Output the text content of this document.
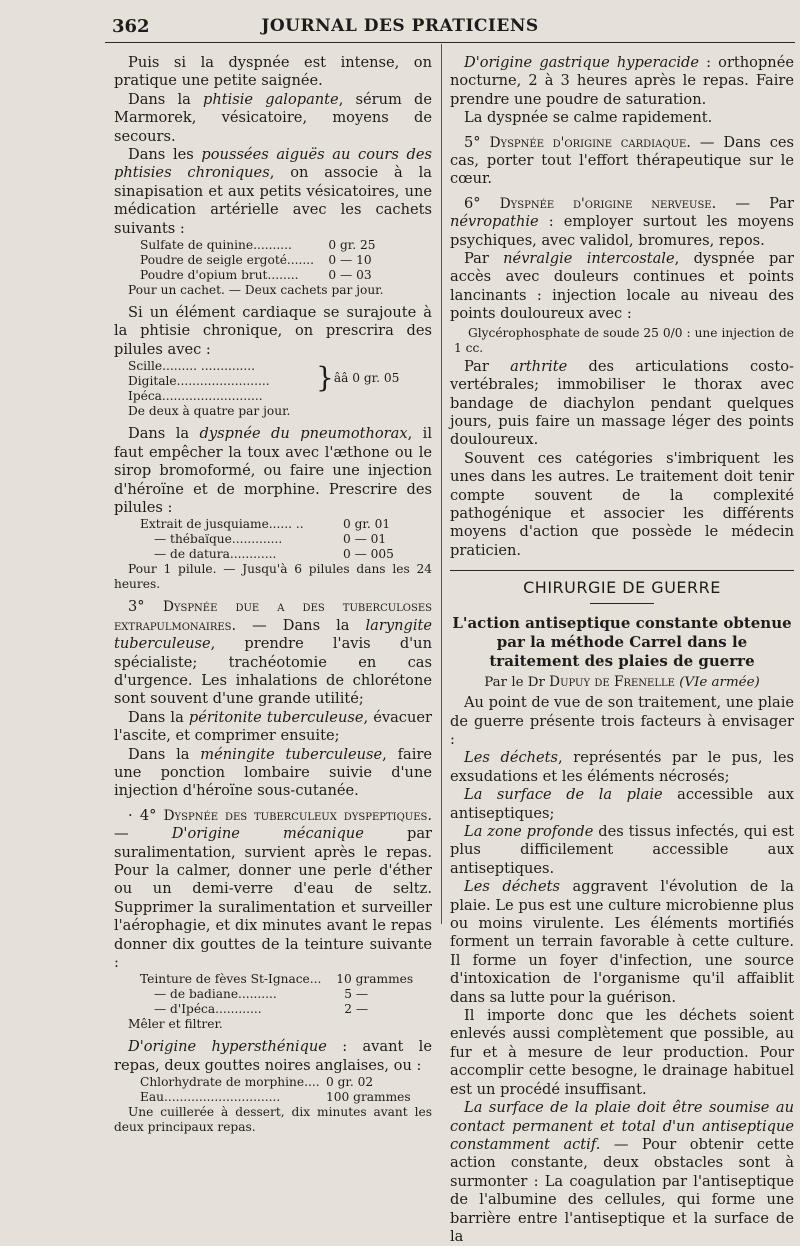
362	JOURNAL DES PRATICIENS

Puis si la dyspnée est intense, on pratique une petite saignée.

Dans la phtisie galopante, sérum de Marmorek, vésicatoire, moyens de secours.

Dans les poussées aiguës au cours des phtisies chroniques, on associe à la sinapisation et aux petits vésicatoires, une médication artérielle avec les cachets suivants :

Sulfate de quinine..........	0 gr. 25
Poudre de seigle ergoté.......	0 — 10
Poudre d'opium brut........	0 — 03

Pour un cachet. — Deux cachets par jour.

Si un élément cardiaque se surajoute à la phtisie chronique, on prescrira des pilules avec :

Scille......... ..............
Digitale........................
Ipéca..........................
	}	ââ 0 gr. 05

De deux à quatre par jour.

Dans la dyspnée du pneumothorax, il faut empêcher la toux avec l'æthone ou le sirop bromoformé, ou faire une injection d'héroïne et de morphine. Prescrire des pilules :

Extrait de jusquiame...... ..	0 gr. 01
— thébaïque.............	0 — 01
— de datura............	0 — 005

Pour 1 pilule. — Jusqu'à 6 pilules dans les 24 heures.

3° Dyspnée due a des tuberculoses extrapulmonaires. — Dans la laryngite tuberculeuse, prendre l'avis d'un spécialiste; trachéotomie en cas d'urgence. Les inhalations de chlorétone sont souvent d'une grande utilité;

Dans la péritonite tuberculeuse, évacuer l'ascite, et comprimer ensuite;

Dans la méningite tuberculeuse, faire une ponction lombaire suivie d'une injection d'héroïne sous-cutanée.

· 4° Dyspnée des tuberculeux dyspeptiques. — D'origine mécanique par suralimentation, survient après le repas. Pour la calmer, donner une perle d'éther ou un demi-verre d'eau de seltz. Supprimer la suralimentation et surveiller l'aérophagie, et dix minutes avant le repas donner dix gouttes de la teinture suivante :

Teinture de fèves St-Ignace...	10 grammes
— de badiane..........	5 —
— d'Ipéca............	2 —

Mêler et filtrer.

D'origine hypersthénique : avant le repas, deux gouttes noires anglaises, ou :

Chlorhydrate de morphine....	0 gr. 02
Eau..............................	100 grammes

Une cuillerée à dessert, dix minutes avant les deux principaux repas.

D'origine gastrique hyperacide : orthopnée nocturne, 2 à 3 heures après le repas. Faire prendre une poudre de saturation.

La dyspnée se calme rapidement.

5° Dyspnée d'origine cardiaque. — Dans ces cas, porter tout l'effort thérapeutique sur le cœur.

6° Dyspnée d'origine nerveuse. — Par névropathie : employer surtout les moyens psychiques, avec validol, bromures, repos.

Par névralgie intercostale, dyspnée par accès avec douleurs continues et points lancinants : injection locale au niveau des points douloureux avec :

Glycérophosphate de soude 25 0/0 : une injection de 1 cc.

Par arthrite des articulations costo-vertébrales; immobiliser le thorax avec bandage de diachylon pendant quelques jours, puis faire un massage léger des points douloureux.

Souvent ces catégories s'imbriquent les unes dans les autres. Le traitement doit tenir compte souvent de la complexité pathogénique et associer les différents moyens d'action que possède le médecin praticien.

CHIRURGIE DE GUERRE
L'action antiseptique constante obtenue par la méthode Carrel dans le traitement des plaies de guerre
Par le Dr Dupuy de Frenelle (VIe armée)

Au point de vue de son traitement, une plaie de guerre présente trois facteurs à envisager :

Les déchets, représentés par le pus, les exsudations et les éléments nécrosés;

La surface de la plaie accessible aux antiseptiques;

La zone profonde des tissus infectés, qui est plus difficilement accessible aux antiseptiques.

Les déchets aggravent l'évolution de la plaie. Le pus est une culture microbienne plus ou moins virulente. Les éléments mortifiés forment un terrain favorable à cette culture. Il forme un foyer d'infection, une source d'intoxication de l'organisme qu'il affaiblit dans sa lutte pour la guérison.

Il importe donc que les déchets soient enlevés aussi complètement que possible, au fur et à mesure de leur production. Pour accomplir cette besogne, le drainage habituel est un procédé insuffisant.

La surface de la plaie doit être soumise au contact permanent et total d'un antiseptique constamment actif. — Pour obtenir cette action constante, deux obstacles sont à surmonter : La coagulation par l'antiseptique de l'albumine des cellules, qui forme une barrière entre l'antiseptique et la surface de la
